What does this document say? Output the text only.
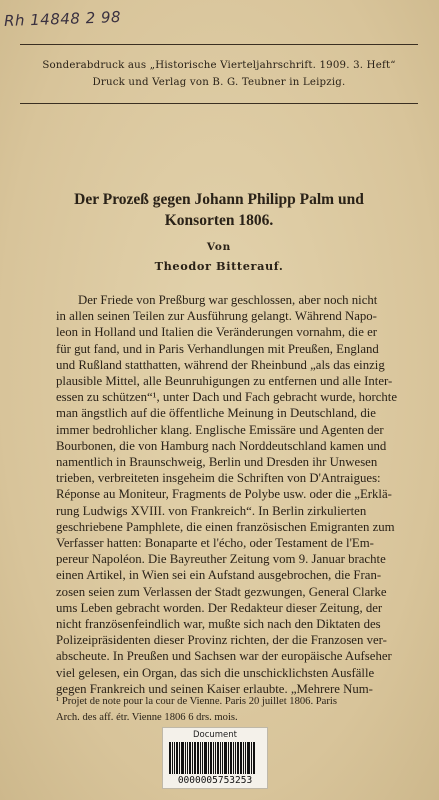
Rh 14848 2 98
Sonderabdruck aus „Historische Vierteljahrschrift. 1909. 3. Heft“
Druck und Verlag von B. G. Teubner in Leipzig.
Der Prozeß gegen Johann Philipp Palm und
Konsorten 1806.
Von
Theodor Bitterauf.
Der Friede von Preßburg war geschlossen, aber noch nicht
in allen seinen Teilen zur Ausführung gelangt. Während Napo-
leon in Holland und Italien die Veränderungen vornahm, die er
für gut fand, und in Paris Verhandlungen mit Preußen, England
und Rußland statthatten, während der Rheinbund „als das einzig
plausible Mittel, alle Beunruhigungen zu entfernen und alle Inter-
essen zu schützen“¹, unter Dach und Fach gebracht wurde, horchte
man ängstlich auf die öffentliche Meinung in Deutschland, die
immer bedrohlicher klang. Englische Emissäre und Agenten der
Bourbonen, die von Hamburg nach Norddeutschland kamen und
namentlich in Braunschweig, Berlin und Dresden ihr Unwesen
trieben, verbreiteten insgeheim die Schriften von D'Antraigues:
Réponse au Moniteur, Fragments de Polybe usw. oder die „Erklä-
rung Ludwigs XVIII. von Frankreich“. In Berlin zirkulierten
geschriebene Pamphlete, die einen französischen Emigranten zum
Verfasser hatten: Bonaparte et l'écho, oder Testament de l'Em-
pereur Napoléon. Die Bayreuther Zeitung vom 9. Januar brachte
einen Artikel, in Wien sei ein Aufstand ausgebrochen, die Fran-
zosen seien zum Verlassen der Stadt gezwungen, General Clarke
ums Leben gebracht worden. Der Redakteur dieser Zeitung, der
nicht französenfeindlich war, mußte sich nach den Diktaten des
Polizeipräsidenten dieser Provinz richten, der die Franzosen ver-
abscheute. In Preußen und Sachsen war der europäische Aufseher
viel gelesen, ein Organ, das sich die unschicklichsten Ausfälle
gegen Frankreich und seinen Kaiser erlaubte. „Mehrere Num-
¹ Projet de note pour la cour de Vienne. Paris 20 juillet 1806. Paris
Arch. des aff. étr. Vienne 1806 6 drs. mois.
Document
0000005753253
